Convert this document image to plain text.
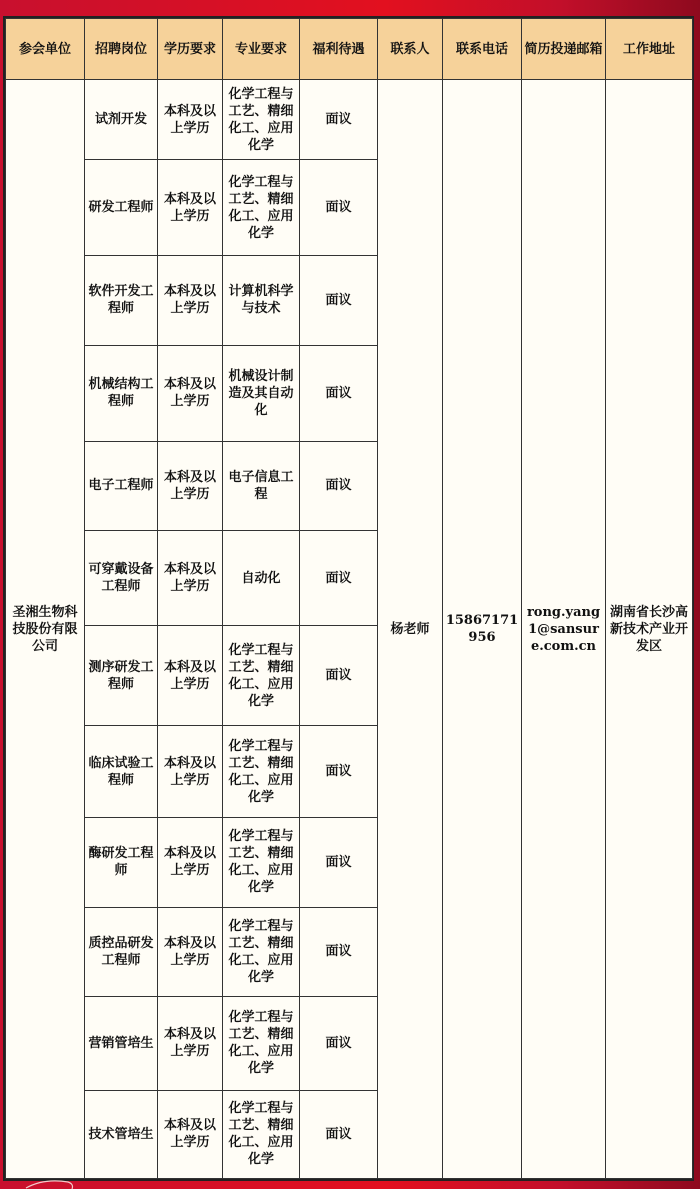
参会单位	招聘岗位	学历要求	专业要求	福利待遇	联系人	联系电话	简历投递邮箱	工作地址
圣湘生物科技股份有限公司	试剂开发	本科及以上学历	化学工程与工艺、精细化工、应用化学	面议	杨老师	15867171956	rong.yang1@sansure.com.cn	湖南省长沙高新技术产业开发区
	研发工程师	本科及以上学历	化学工程与工艺、精细化工、应用化学	面议				
	软件开发工程师	本科及以上学历	计算机科学与技术	面议				
	机械结构工程师	本科及以上学历	机械设计制造及其自动化	面议				
	电子工程师	本科及以上学历	电子信息工程	面议				
	可穿戴设备工程师	本科及以上学历	自动化	面议				
	测序研发工程师	本科及以上学历	化学工程与工艺、精细化工、应用化学	面议				
	临床试验工程师	本科及以上学历	化学工程与工艺、精细化工、应用化学	面议				
	酶研发工程师	本科及以上学历	化学工程与工艺、精细化工、应用化学	面议				
	质控品研发工程师	本科及以上学历	化学工程与工艺、精细化工、应用化学	面议				
	营销管培生	本科及以上学历	化学工程与工艺、精细化工、应用化学	面议				
	技术管培生	本科及以上学历	化学工程与工艺、精细化工、应用化学	面议				
